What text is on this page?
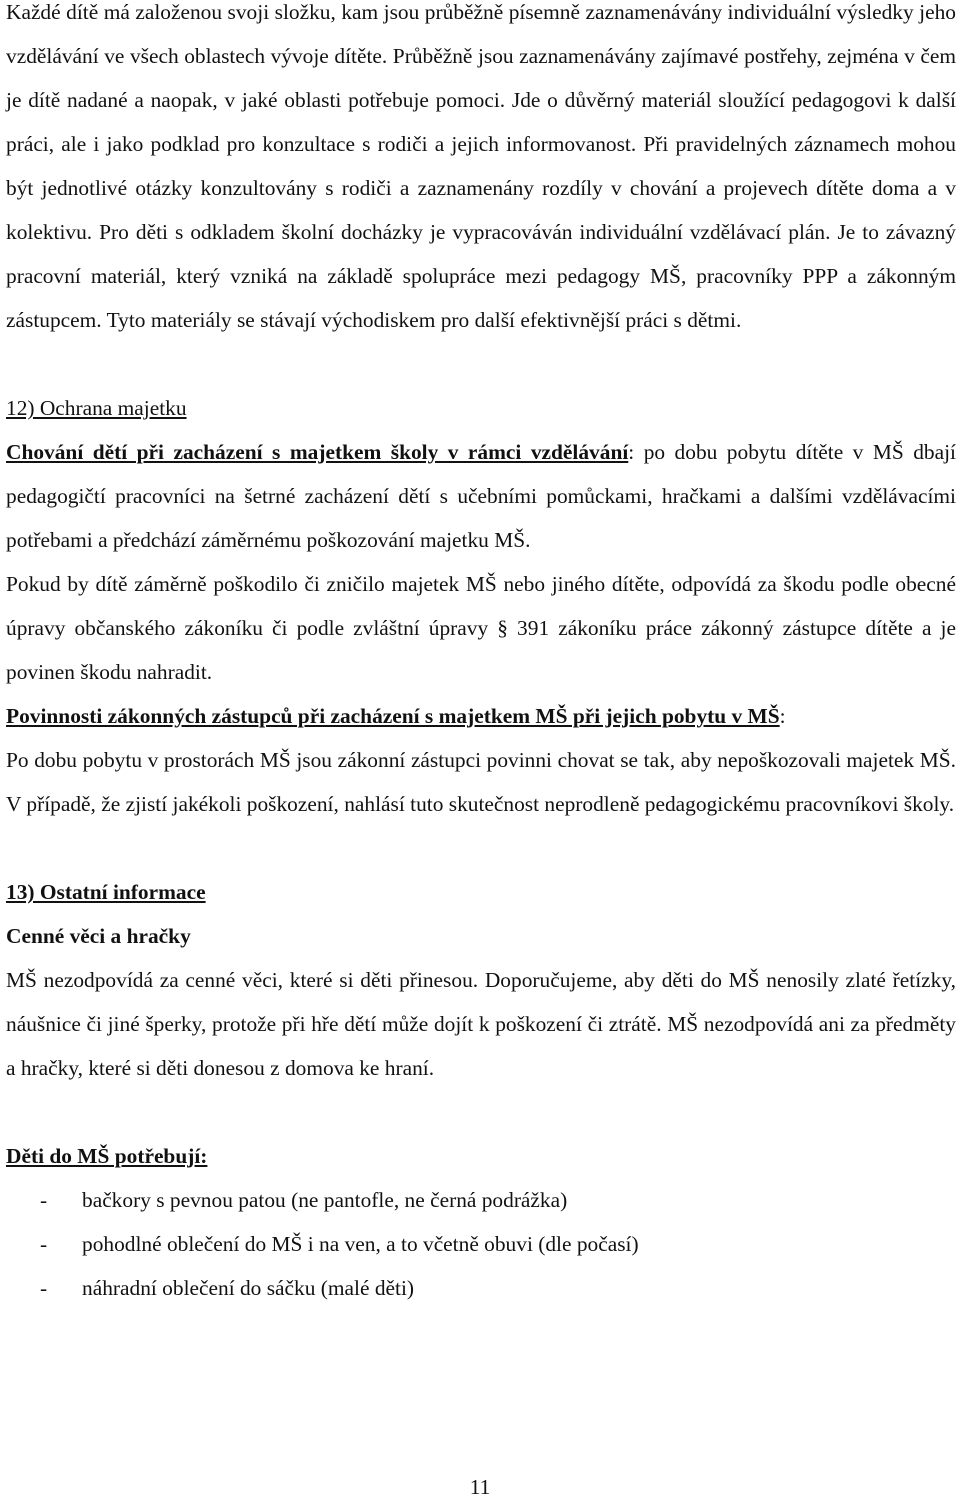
Každé dítě má založenou svoji složku, kam jsou průběžně písemně zaznamenávány individuální výsledky jeho vzdělávání ve všech oblastech vývoje dítěte. Průběžně jsou zaznamenávány zajímavé postřehy, zejména v čem je dítě nadané a naopak, v jaké oblasti potřebuje pomoci. Jde o důvěrný materiál sloužící pedagogovi k další práci, ale i jako podklad pro konzultace s rodiči a jejich informovanost. Při pravidelných záznamech mohou být jednotlivé otázky konzultovány s rodiči a zaznamenány rozdíly v chování a projevech dítěte doma a v kolektivu. Pro děti s odkladem školní docházky je vypracováván individuální vzdělávací plán. Je to závazný pracovní materiál, který vzniká na základě spolupráce mezi pedagogy MŠ, pracovníky PPP a zákonným zástupcem. Tyto materiály se stávají východiskem pro další efektivnější práci s dětmi.

12) Ochrana majetku

Chování dětí při zacházení s majetkem školy v rámci vzdělávání: po dobu pobytu dítěte v MŠ dbají pedagogičtí pracovníci na šetrné zacházení dětí s učebními pomůckami, hračkami a dalšími vzdělávacími potřebami a předchází záměrnému poškozování majetku MŠ.

Pokud by dítě záměrně poškodilo či zničilo majetek MŠ nebo jiného dítěte, odpovídá za škodu podle obecné úpravy občanského zákoníku či podle zvláštní úpravy § 391 zákoníku práce zákonný zástupce dítěte a je povinen škodu nahradit.

Povinnosti zákonných zástupců při zacházení s majetkem MŠ při jejich pobytu v MŠ:

Po dobu pobytu v prostorách MŠ jsou zákonní zástupci povinni chovat se tak, aby nepoškozovali majetek MŠ. V případě, že zjistí jakékoli poškození, nahlásí tuto skutečnost neprodleně pedagogickému pracovníkovi školy.

13) Ostatní informace

Cenné věci a hračky

MŠ nezodpovídá za cenné věci, které si děti přinesou. Doporučujeme, aby děti do MŠ nenosily zlaté řetízky, náušnice či jiné šperky, protože při hře dětí může dojít k poškození či ztrátě. MŠ nezodpovídá ani za předměty a hračky, které si děti donesou z domova ke hraní.

Děti do MŠ potřebují:

- bačkory s pevnou patou (ne pantofle, ne černá podrážka)
- pohodlné oblečení do MŠ i na ven, a to včetně obuvi (dle počasí)
- náhradní oblečení do sáčku (malé děti)
11
